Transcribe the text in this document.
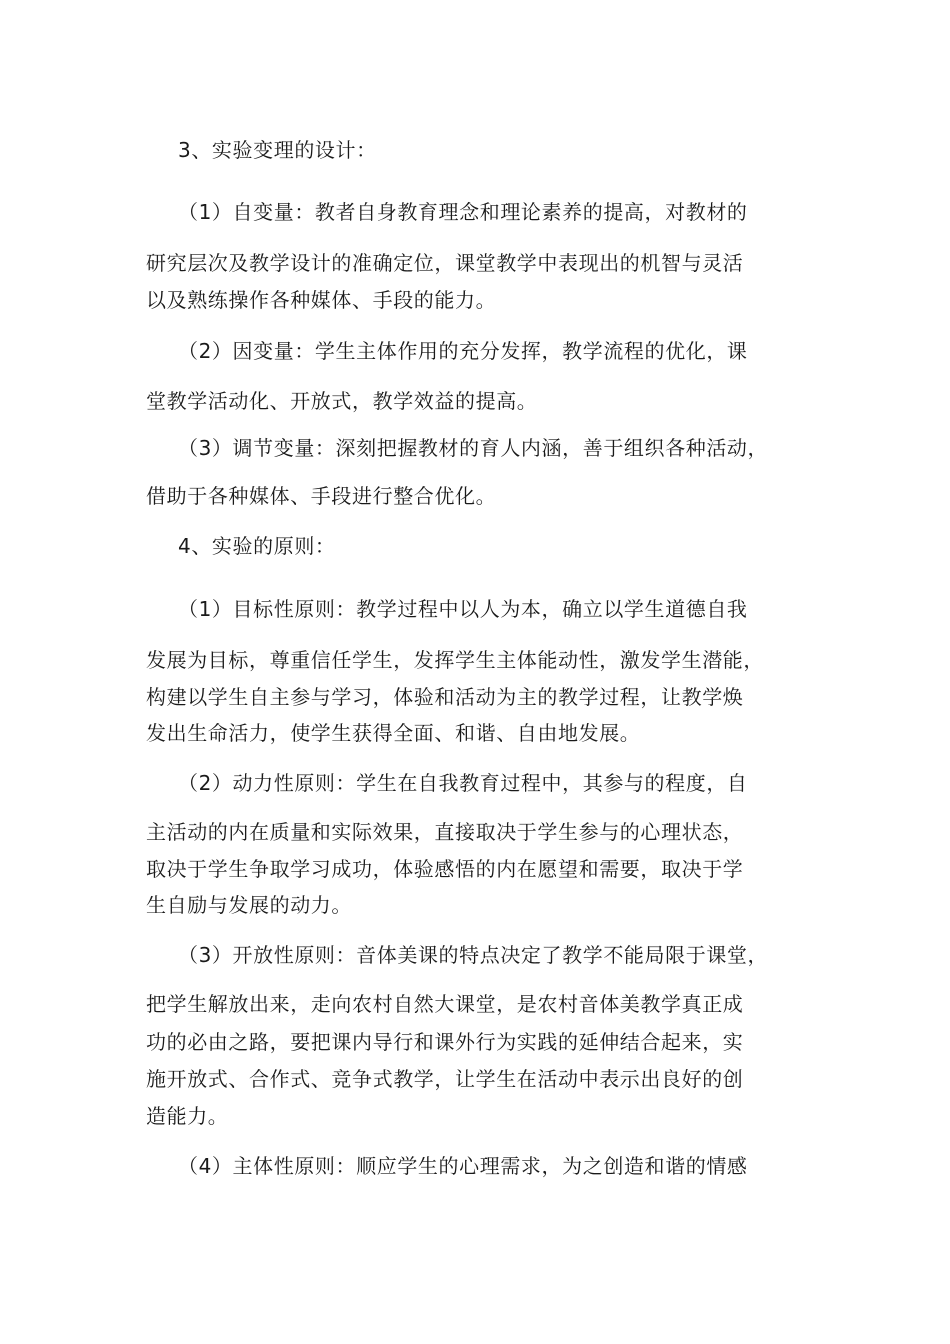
3、实验变理的设计：
（1）自变量：教者自身教育理念和理论素养的提高，对教材的
研究层次及教学设计的准确定位，课堂教学中表现出的机智与灵活
以及熟练操作各种媒体、手段的能力。
（2）因变量：学生主体作用的充分发挥，教学流程的优化，课
堂教学活动化、开放式，教学效益的提高。
（3）调节变量：深刻把握教材的育人内涵，善于组织各种活动，
借助于各种媒体、手段进行整合优化。
4、实验的原则：
（1）目标性原则：教学过程中以人为本，确立以学生道德自我
发展为目标，尊重信任学生，发挥学生主体能动性，激发学生潜能，
构建以学生自主参与学习，体验和活动为主的教学过程，让教学焕
发出生命活力，使学生获得全面、和谐、自由地发展。
（2）动力性原则：学生在自我教育过程中，其参与的程度，自
主活动的内在质量和实际效果，直接取决于学生参与的心理状态，
取决于学生争取学习成功，体验感悟的内在愿望和需要，取决于学
生自励与发展的动力。
（3）开放性原则：音体美课的特点决定了教学不能局限于课堂，
把学生解放出来，走向农村自然大课堂，是农村音体美教学真正成
功的必由之路，要把课内导行和课外行为实践的延伸结合起来，实
施开放式、合作式、竞争式教学，让学生在活动中表示出良好的创
造能力。
（4）主体性原则：顺应学生的心理需求，为之创造和谐的情感
